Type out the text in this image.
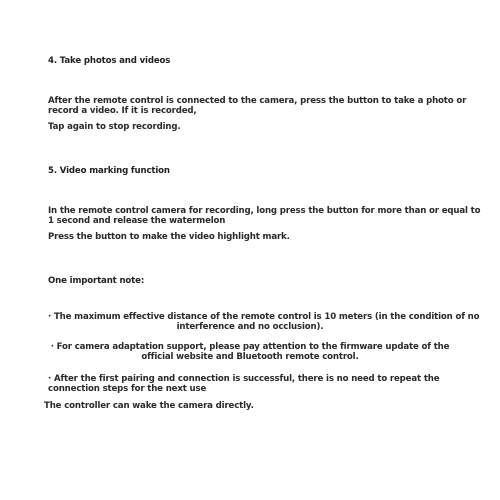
4. Take photos and videos

After the remote control is connected to the camera, press the button to take a photo or

record a video. If it is recorded,

Tap again to stop recording.

5. Video marking function

In the remote control camera for recording, long press the button for more than or equal to

1 second and release the watermelon

Press the button to make the video highlight mark.

One important note:

· The maximum effective distance of the remote control is 10 meters (in the condition of no

interference and no occlusion).

· For camera adaptation support, please pay attention to the firmware update of the

official website and Bluetooth remote control.

· After the first pairing and connection is successful, there is no need to repeat the

connection steps for the next use

The controller can wake the camera directly.
